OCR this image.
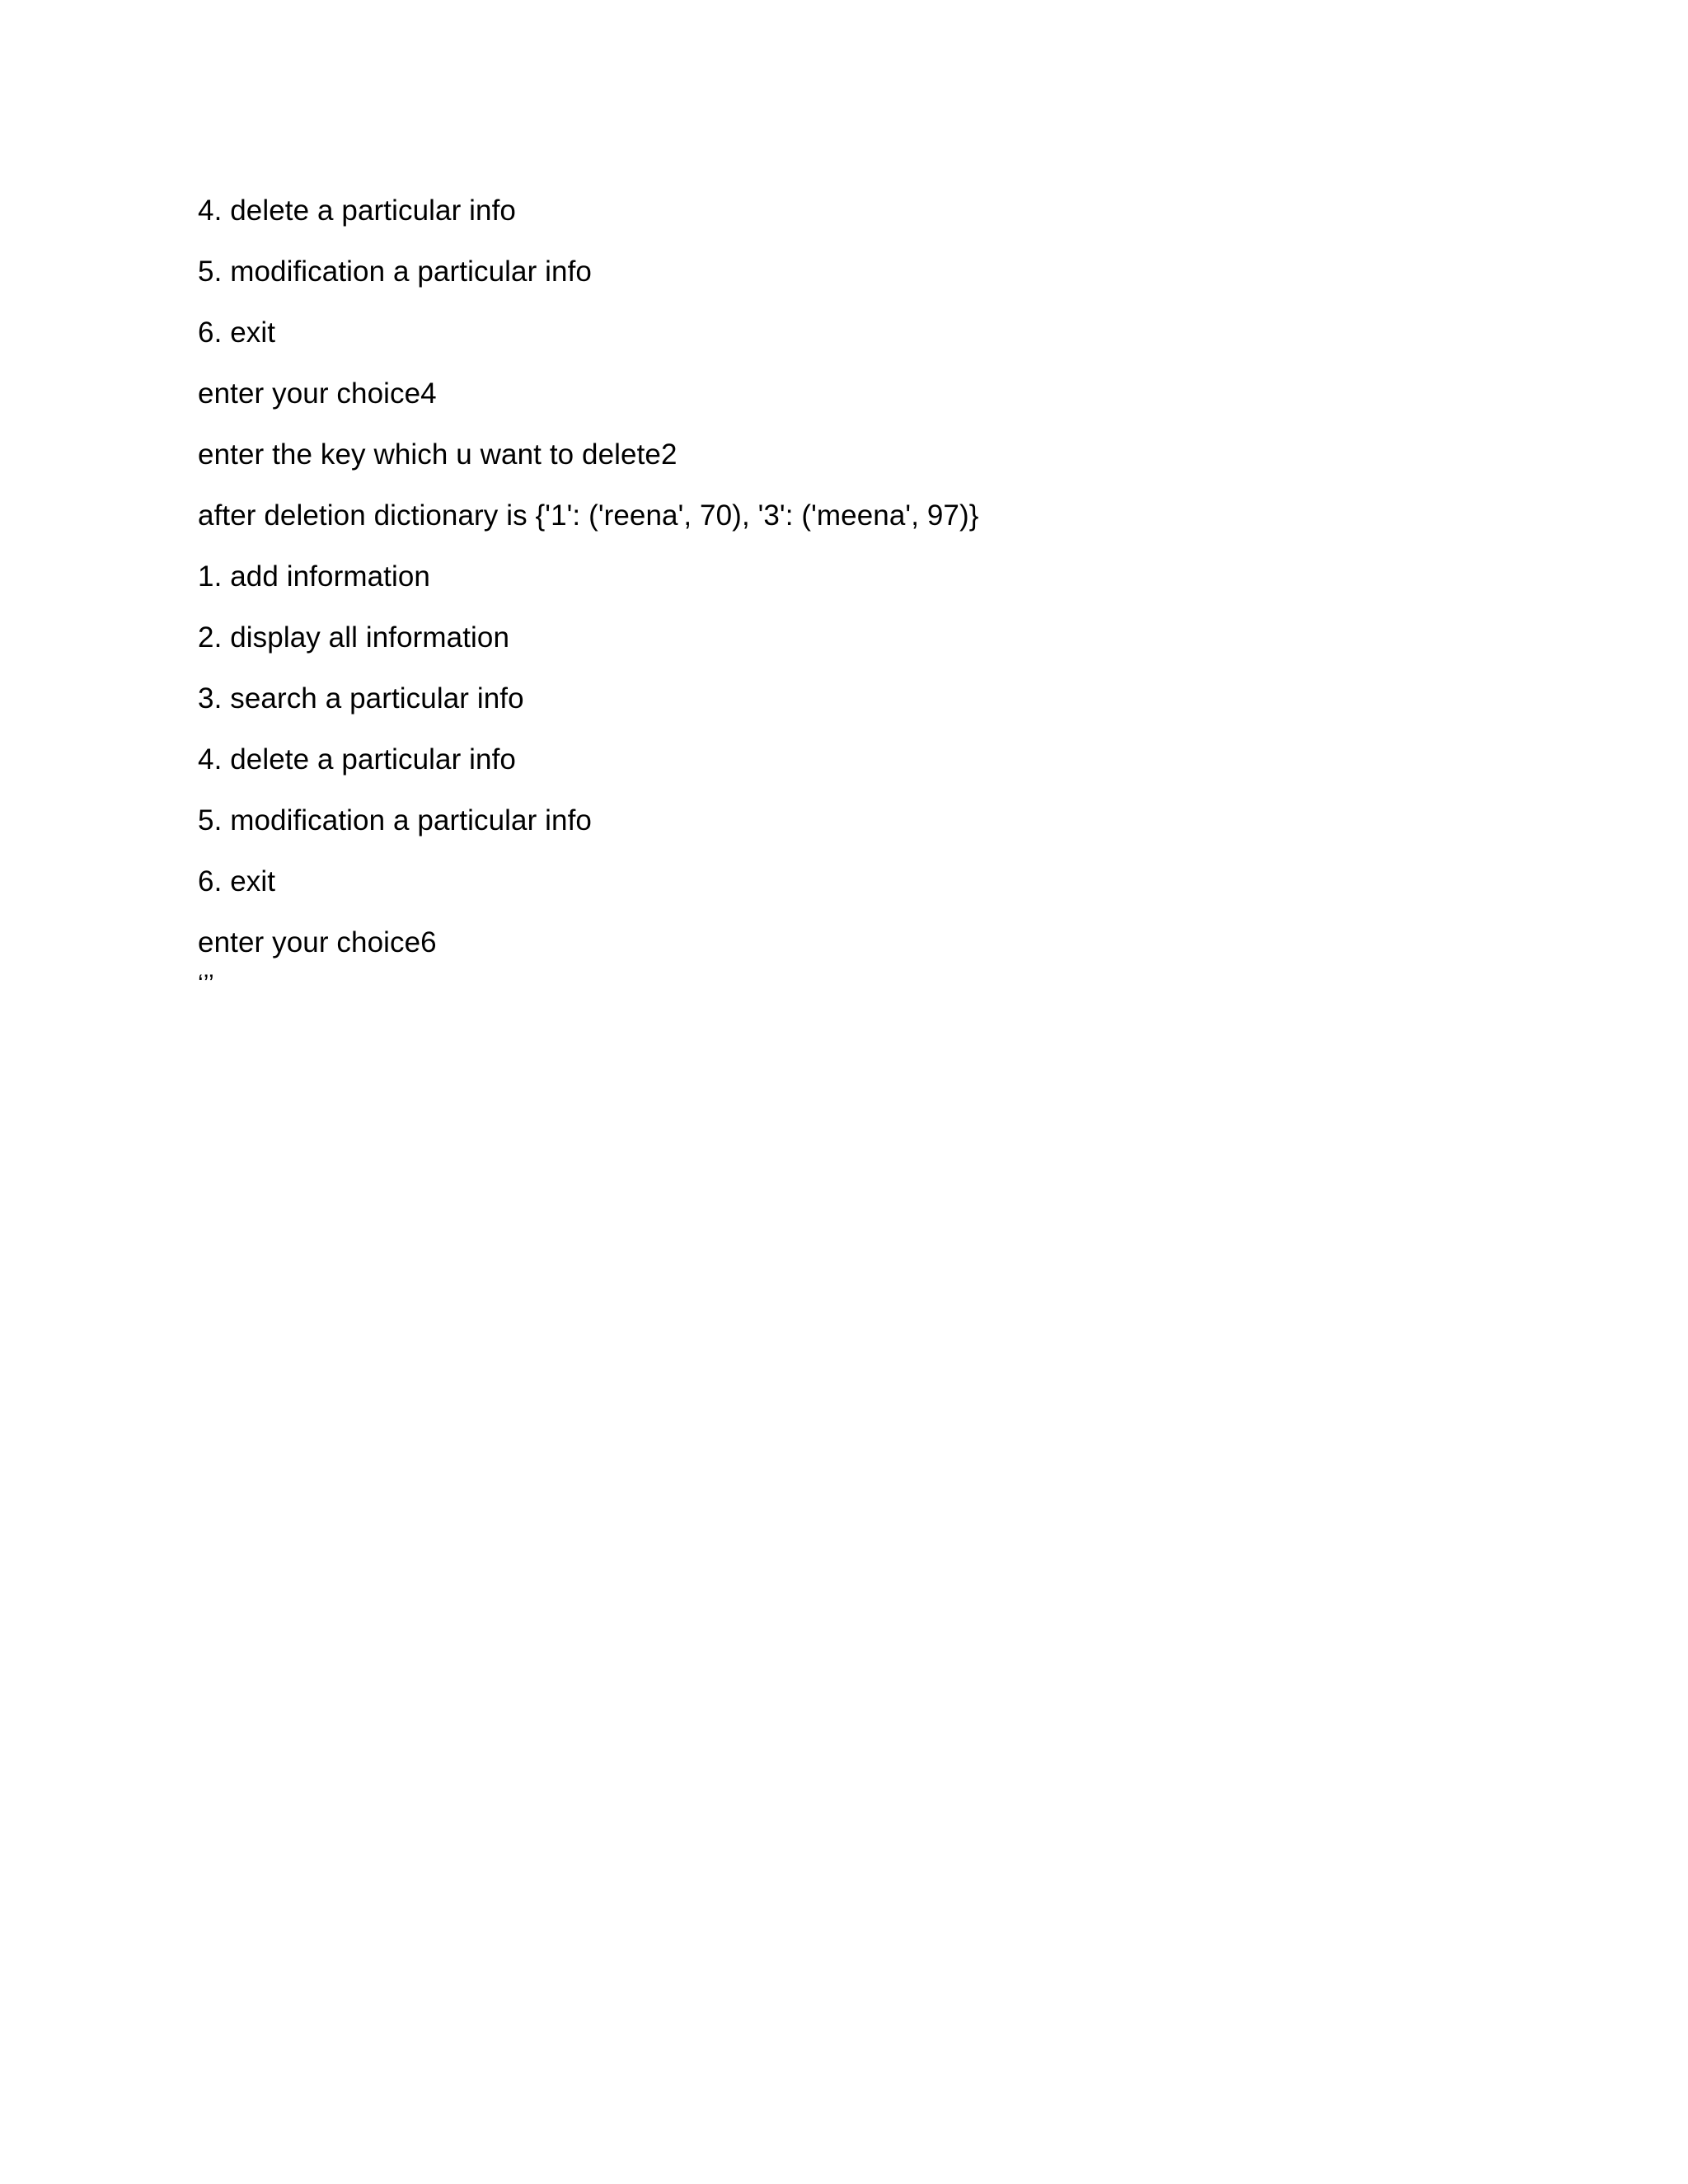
4. delete a particular info
5. modification a particular info
6. exit
enter your choice4
enter the key which u want to delete2
after deletion dictionary is {'1': ('reena', 70), '3': ('meena', 97)}
1. add information
2. display all information
3. search a particular info
4. delete a particular info
5. modification a particular info
6. exit
enter your choice6
‘’’
